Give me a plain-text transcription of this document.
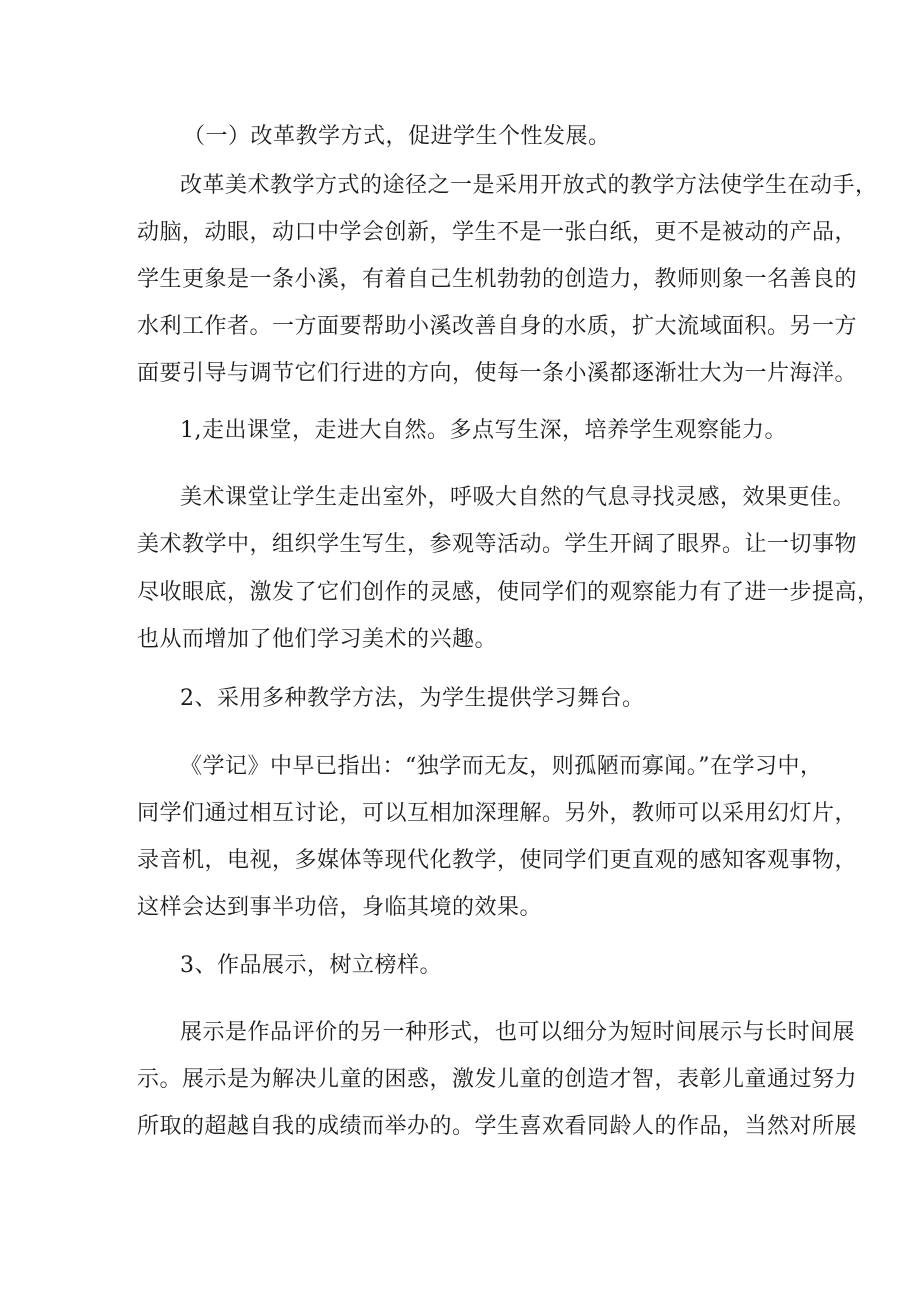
（一）改革教学方式，促进学生个性发展。
改革美术教学方式的途径之一是采用开放式的教学方法使学生在动手，
动脑，动眼，动口中学会创新，学生不是一张白纸，更不是被动的产品，
学生更象是一条小溪，有着自己生机勃勃的创造力，教师则象一名善良的
水利工作者。一方面要帮助小溪改善自身的水质，扩大流域面积。另一方
面要引导与调节它们行进的方向，使每一条小溪都逐渐壮大为一片海洋。
1,走出课堂，走进大自然。多点写生深，培养学生观察能力。
美术课堂让学生走出室外，呼吸大自然的气息寻找灵感，效果更佳。
美术教学中，组织学生写生，参观等活动。学生开阔了眼界。让一切事物
尽收眼底，激发了它们创作的灵感，使同学们的观察能力有了进一步提高，
也从而增加了他们学习美术的兴趣。
2、采用多种教学方法，为学生提供学习舞台。
《学记》中早已指出：“独学而无友，则孤陋而寡闻。”在学习中，
同学们通过相互讨论，可以互相加深理解。另外，教师可以采用幻灯片，
录音机，电视，多媒体等现代化教学，使同学们更直观的感知客观事物，
这样会达到事半功倍，身临其境的效果。
3、作品展示，树立榜样。
展示是作品评价的另一种形式，也可以细分为短时间展示与长时间展
示。展示是为解决儿童的困惑，激发儿童的创造才智，表彰儿童通过努力
所取的超越自我的成绩而举办的。学生喜欢看同龄人的作品，当然对所展
